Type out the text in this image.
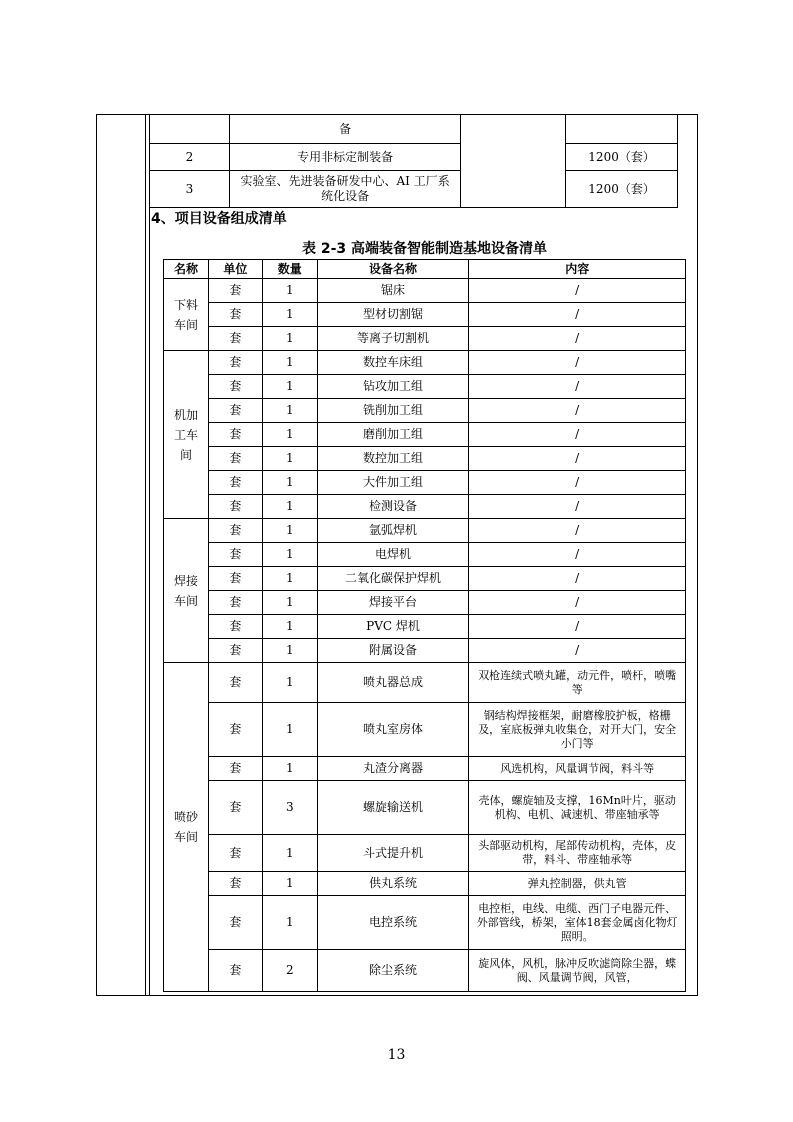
	备		
2	专用非标定制装备		1200（套）
3	实验室、先进装备研发中心、AI 工厂系统化设备		1200（套）
4、项目设备组成清单
表 2-3 高端装备智能制造基地设备清单
名称	单位	数量	设备名称	内容
下料车间	套	1	锯床	/
	套	1	型材切割锯	/
	套	1	等离子切割机	/
机加工车间	套	1	数控车床组	/
	套	1	钻攻加工组	/
	套	1	铣削加工组	/
	套	1	磨削加工组	/
	套	1	数控加工组	/
	套	1	大件加工组	/
	套	1	检测设备	/
焊接车间	套	1	氩弧焊机	/
	套	1	电焊机	/
	套	1	二氧化碳保护焊机	/
	套	1	焊接平台	/
	套	1	PVC 焊机	/
	套	1	附属设备	/
喷砂车间	套	1	喷丸器总成	双枪连续式喷丸罐，动元件，喷杆，喷嘴等
	套	1	喷丸室房体	钢结构焊接框架，耐磨橡胶护板，格栅及，室底板弹丸收集仓，对开大门，安全小门等
	套	1	丸渣分离器	风选机构，风量调节阀，料斗等
	套	3	螺旋输送机	壳体，螺旋轴及支撑，16Mn叶片，驱动机构、电机、减速机、带座轴承等
	套	1	斗式提升机	头部驱动机构，尾部传动机构，壳体，皮带，料斗、带座轴承等
	套	1	供丸系统	弹丸控制器，供丸管
	套	1	电控系统	电控柜，电线、电缆、西门子电器元件、外部管线，桥架，室体18套金属卤化物灯照明。
	套	2	除尘系统	旋风体，风机，脉冲反吹滤筒除尘器，蝶阀、风量调节阀，风管，
13
